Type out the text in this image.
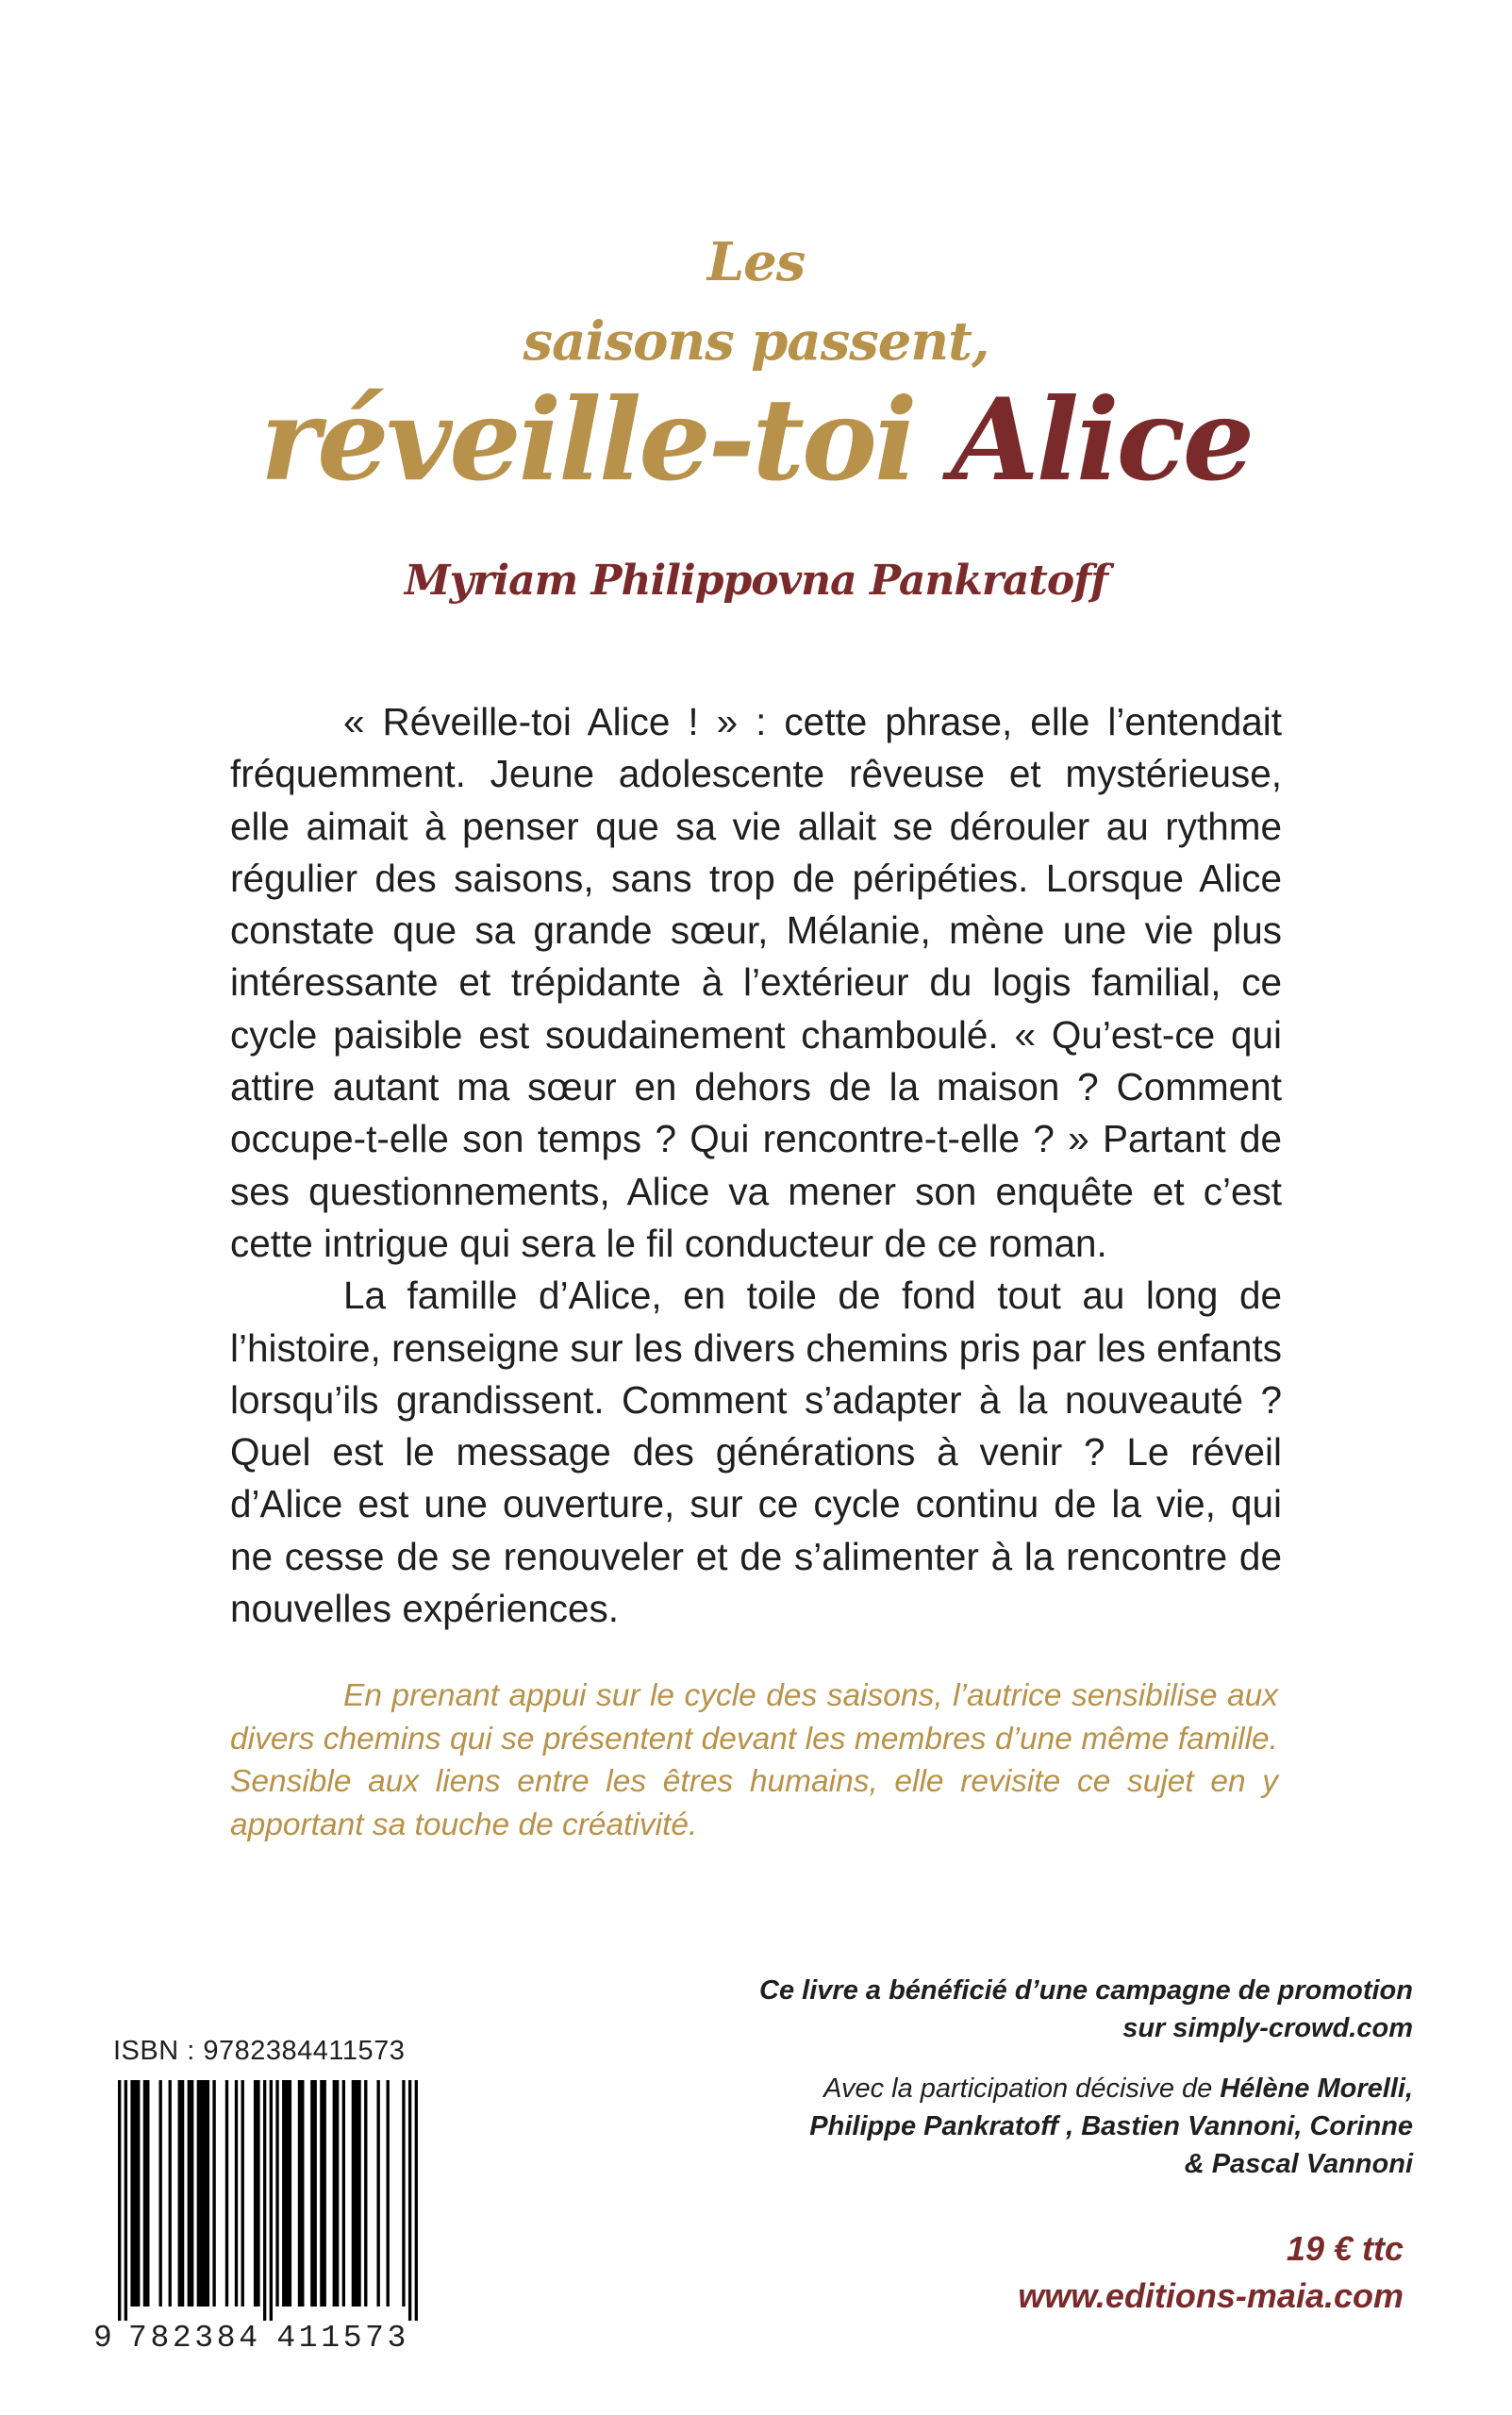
Les
saisons passent,
réveille-toi Alice
Myriam Philippovna Pankratoff

« Réveille-toi Alice ! » : cette phrase, elle l’entendait fréquemment. Jeune adolescente rêveuse et mystérieuse, elle aimait à penser que sa vie allait se dérouler au rythme régulier des saisons, sans trop de péripéties. Lorsque Alice constate que sa grande sœur, Mélanie, mène une vie plus intéressante et trépidante à l’extérieur du logis familial, ce cycle paisible est soudainement chamboulé. « Qu’est-ce qui attire autant ma sœur en dehors de la maison ? Comment occupe-t-elle son temps ? Qui rencontre-t-elle ? » Partant de ses questionnements, Alice va mener son enquête et c’est cette intrigue qui sera le fil conducteur de ce roman.

La famille d’Alice, en toile de fond tout au long de l’histoire, renseigne sur les divers chemins pris par les enfants lorsqu’ils grandissent. Comment s’adapter à la nouveauté ? Quel est le message des générations à venir ? Le réveil d’Alice est une ouverture, sur ce cycle continu de la vie, qui ne cesse de se renouveler et de s’alimenter à la rencontre de nouvelles expériences.

En prenant appui sur le cycle des saisons, l’autrice sensibilise aux divers chemins qui se présentent devant les membres d’une même famille. Sensible aux liens entre les êtres humains, elle revisite ce sujet en y apportant sa touche de créativité.

Ce livre a bénéficié d’une campagne de promotion
sur simply-crowd.com
Avec la participation décisive de Hélène Morelli,
Philippe Pankratoff , Bastien Vannoni, Corinne
& Pascal Vannoni
19 € ttc
www.editions-maia.com
ISBN : 9782384411573
9 7 8 2 3 8 4 4 1 1 5 7 3
